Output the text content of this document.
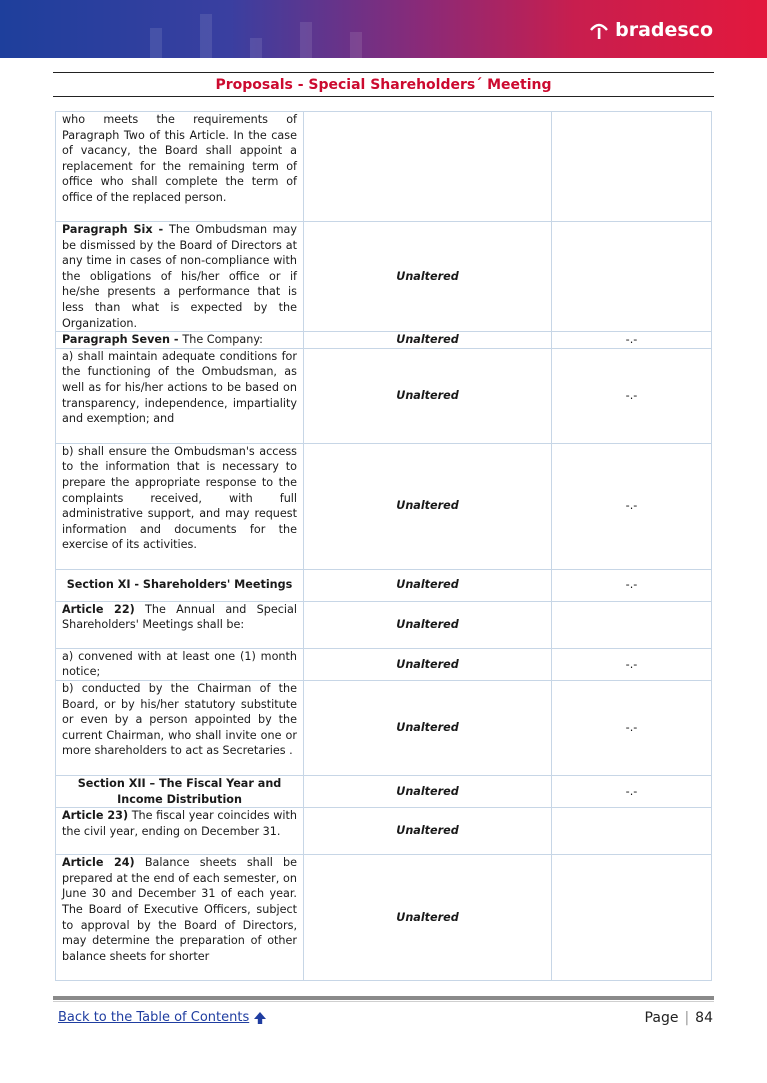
bradesco
Proposals - Special Shareholders´ Meeting
who meets the requirements of Paragraph Two of this Article. In the case of vacancy, the Board shall appoint a replacement for the remaining term of office who shall complete the term of office of the replaced person.		
Paragraph Six - The Ombudsman may be dismissed by the Board of Directors at any time in cases of non-compliance with the obligations of his/her office or if he/she presents a performance that is less than what is expected by the Organization.	Unaltered	
Paragraph Seven - The Company:	Unaltered	-.-
a) shall maintain adequate conditions for the functioning of the Ombudsman, as well as for his/her actions to be based on transparency, independence, impartiality and exemption; and	Unaltered	-.-
b) shall ensure the Ombudsman's access to the information that is necessary to prepare the appropriate response to the complaints received, with full administrative support, and may request information and documents for the exercise of its activities.	Unaltered	-.-
Section XI - Shareholders' Meetings	Unaltered	-.-
Article 22) The Annual and Special Shareholders' Meetings shall be:	Unaltered	
a) convened with at least one (1) month notice;	Unaltered	-.-
b) conducted by the Chairman of the Board, or by his/her statutory substitute or even by a person appointed by the current Chairman, who shall invite one or more shareholders to act as Secretaries .	Unaltered	-.-
Section XII – The Fiscal Year and Income Distribution	Unaltered	-.-
Article 23) The fiscal year coincides with the civil year, ending on December 31.	Unaltered	
Article 24) Balance sheets shall be prepared at the end of each semester, on June 30 and December 31 of each year. The Board of Executive Officers, subject to approval by the Board of Directors, may determine the preparation of other balance sheets for shorter	Unaltered	
Back to the Table of Contents	Page | 84
